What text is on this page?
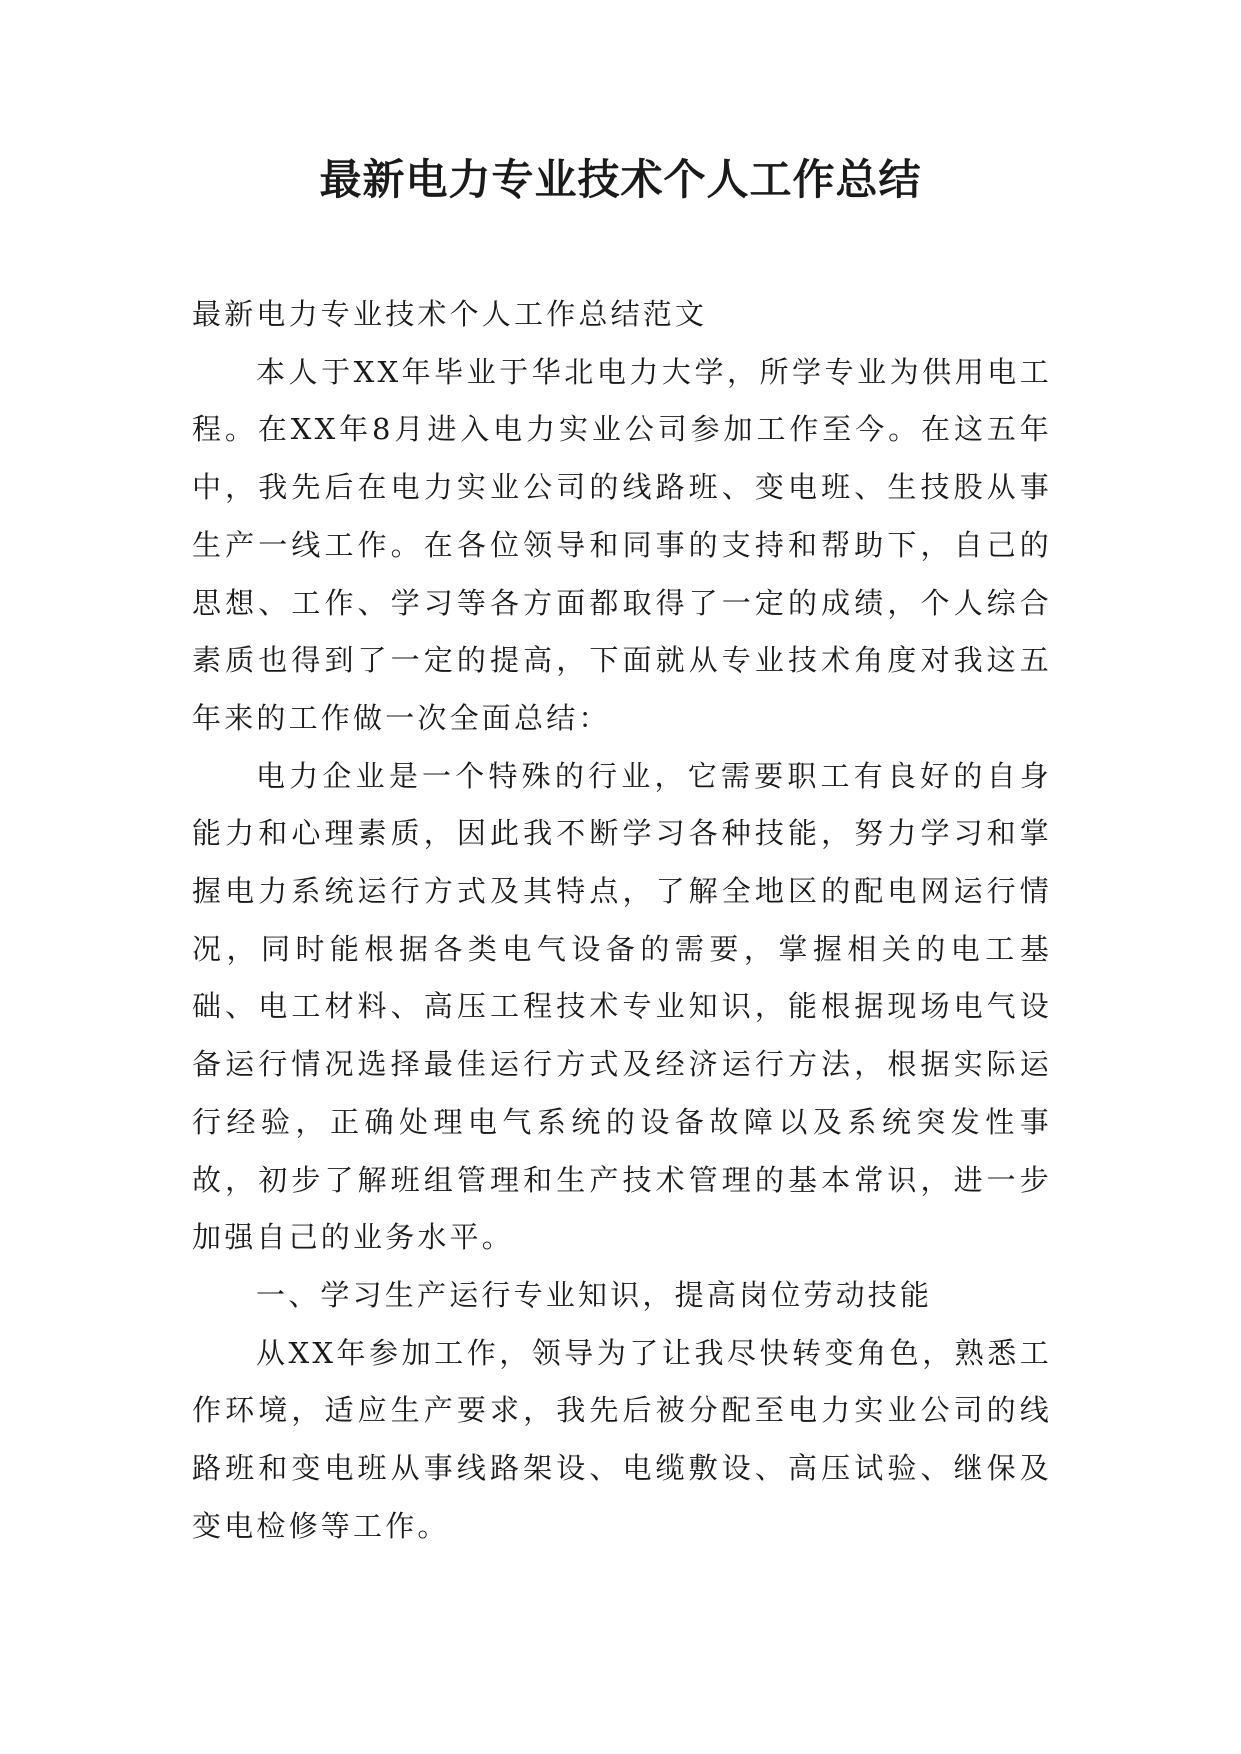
最新电力专业技术个人工作总结

最新电力专业技术个人工作总结范文

本人于XX年毕业于华北电力大学，所学专业为供用电工程。在XX年8月进入电力实业公司参加工作至今。在这五年中，我先后在电力实业公司的线路班、变电班、生技股从事生产一线工作。在各位领导和同事的支持和帮助下，自己的思想、工作、学习等各方面都取得了一定的成绩，个人综合素质也得到了一定的提高，下面就从专业技术角度对我这五年来的工作做一次全面总结：

电力企业是一个特殊的行业，它需要职工有良好的自身能力和心理素质，因此我不断学习各种技能，努力学习和掌握电力系统运行方式及其特点，了解全地区的配电网运行情况，同时能根据各类电气设备的需要，掌握相关的电工基础、电工材料、高压工程技术专业知识，能根据现场电气设备运行情况选择最佳运行方式及经济运行方法，根据实际运行经验，正确处理电气系统的设备故障以及系统突发性事故，初步了解班组管理和生产技术管理的基本常识，进一步加强自己的业务水平。

一、学习生产运行专业知识，提高岗位劳动技能

从XX年参加工作，领导为了让我尽快转变角色，熟悉工作环境，适应生产要求，我先后被分配至电力实业公司的线路班和变电班从事线路架设、电缆敷设、高压试验、继保及变电检修等工作。
